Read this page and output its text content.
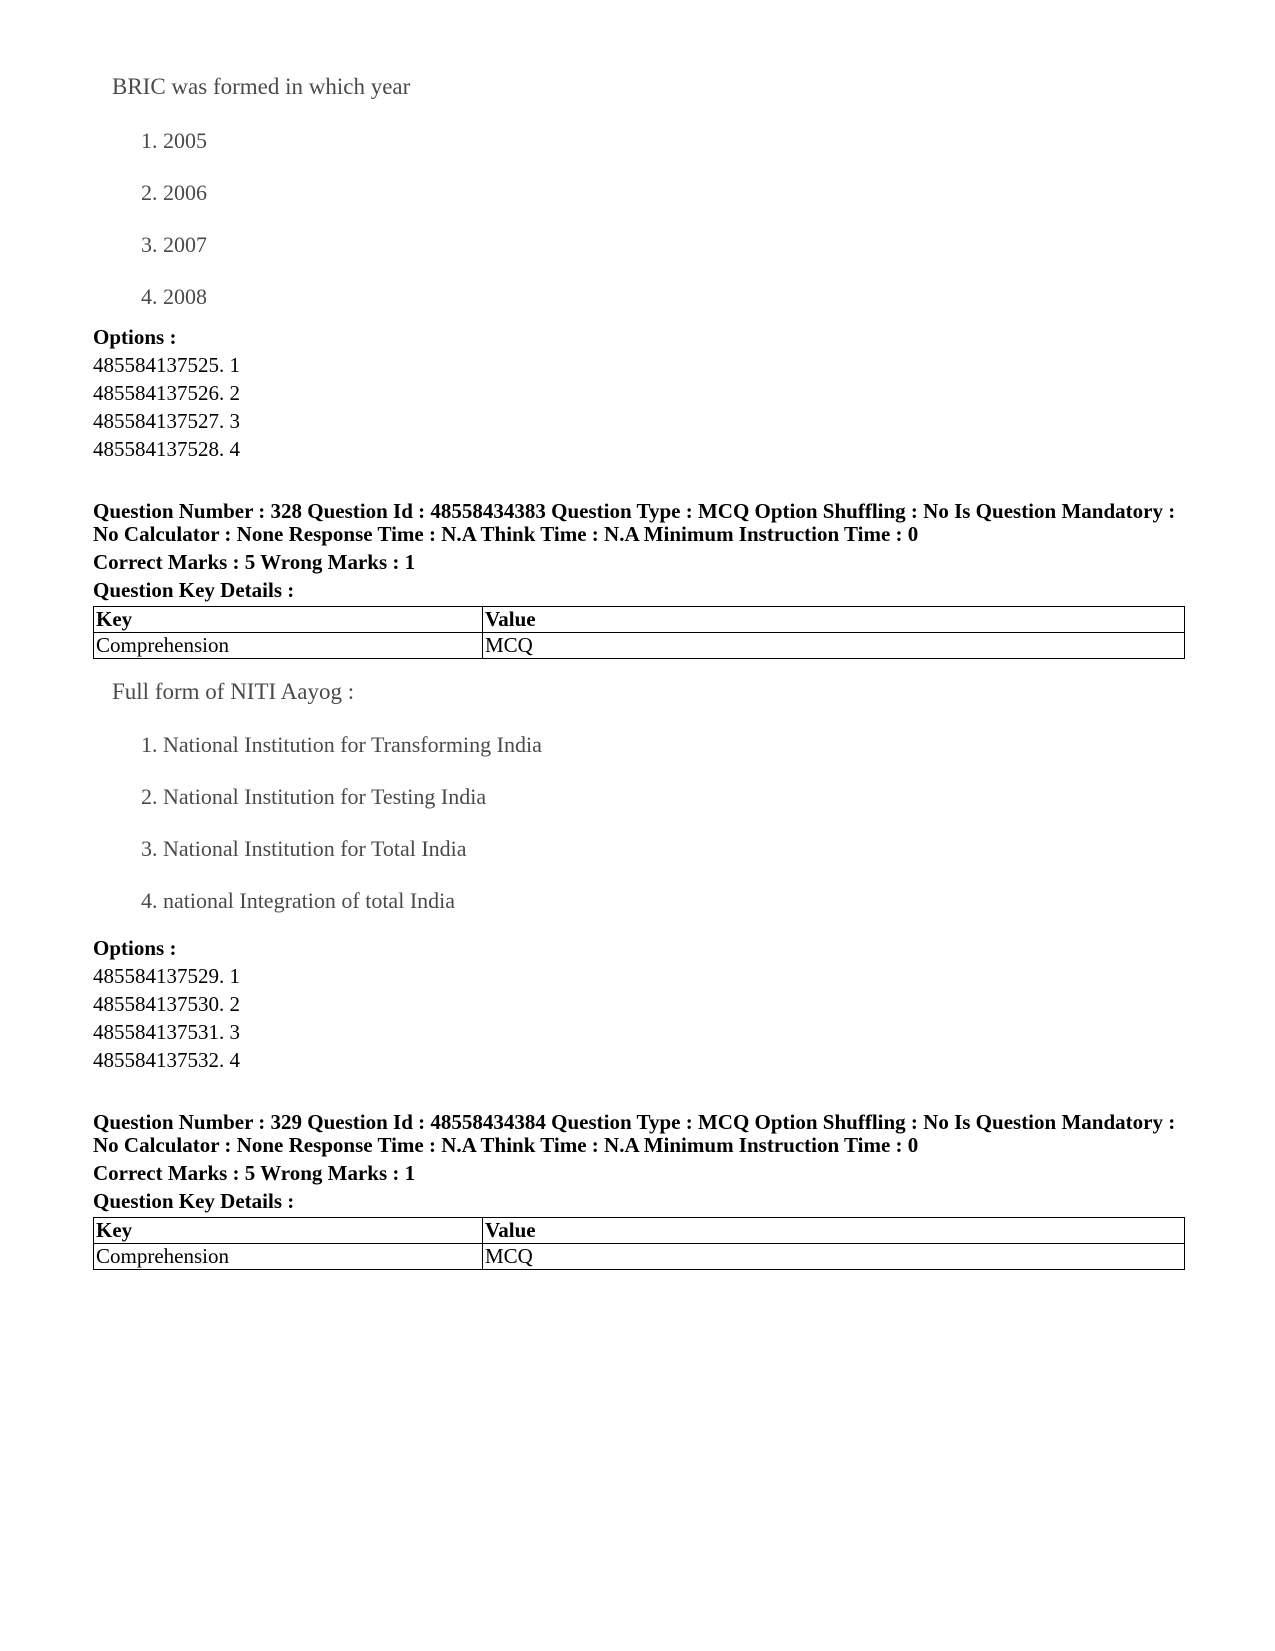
BRIC was formed in which year
1. 2005
2. 2006
3. 2007
4. 2008
Options :
485584137525. 1
485584137526. 2
485584137527. 3
485584137528. 4
Question Number : 328 Question Id : 48558434383 Question Type : MCQ Option Shuffling : No Is Question Mandatory :
No Calculator : None Response Time : N.A Think Time : N.A Minimum Instruction Time : 0
Correct Marks : 5 Wrong Marks : 1
Question Key Details :
Key	Value
Comprehension	MCQ
Full form of NITI Aayog :
1. National Institution for Transforming India
2. National Institution for Testing India
3. National Institution for Total India
4. national Integration of total India
Options :
485584137529. 1
485584137530. 2
485584137531. 3
485584137532. 4
Question Number : 329 Question Id : 48558434384 Question Type : MCQ Option Shuffling : No Is Question Mandatory :
No Calculator : None Response Time : N.A Think Time : N.A Minimum Instruction Time : 0
Correct Marks : 5 Wrong Marks : 1
Question Key Details :
Key	Value
Comprehension	MCQ
